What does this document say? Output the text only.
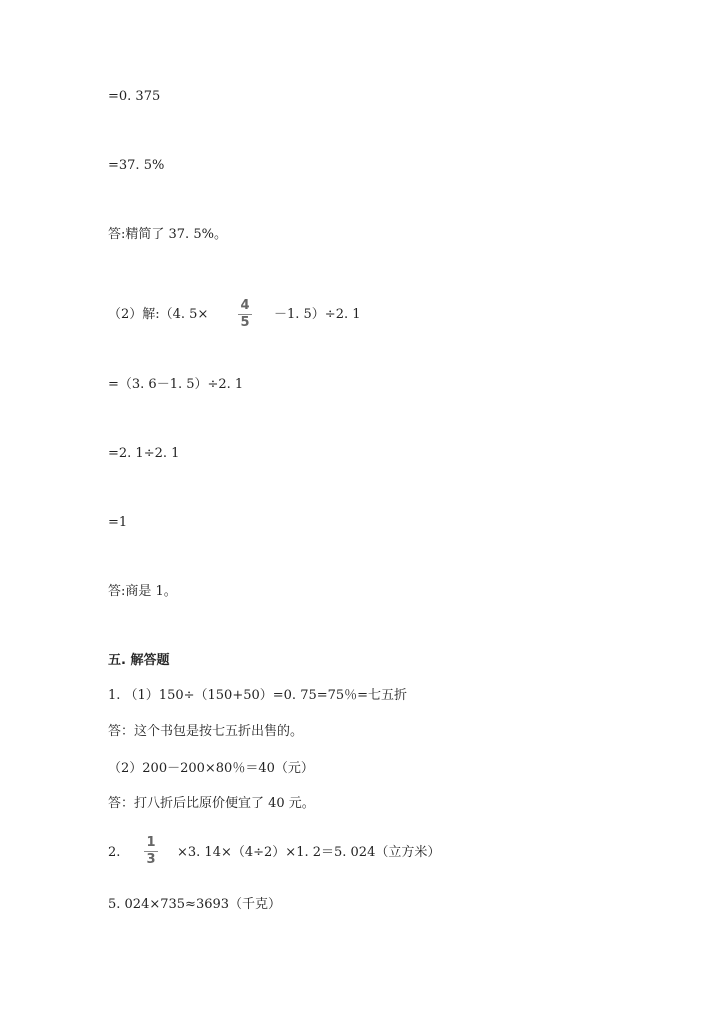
=0. 375
=37. 5%
答:精简了 37. 5%。
（2）解:（4. 5×
4
5
－1. 5）÷2. 1
=（3. 6－1. 5）÷2. 1
=2. 1÷2. 1
=1
答:商是 1。
五. 解答题
1. （1）150÷（150+50）=0. 75=75％=七五折
答：这个书包是按七五折出售的。
（2）200－200×80％＝40（元）
答：打八折后比原价便宜了 40 元。
2.
1
3 ×3. 14×（4÷2）×1. 2＝5. 024（立方米）
5. 024×735≈3693（千克）
